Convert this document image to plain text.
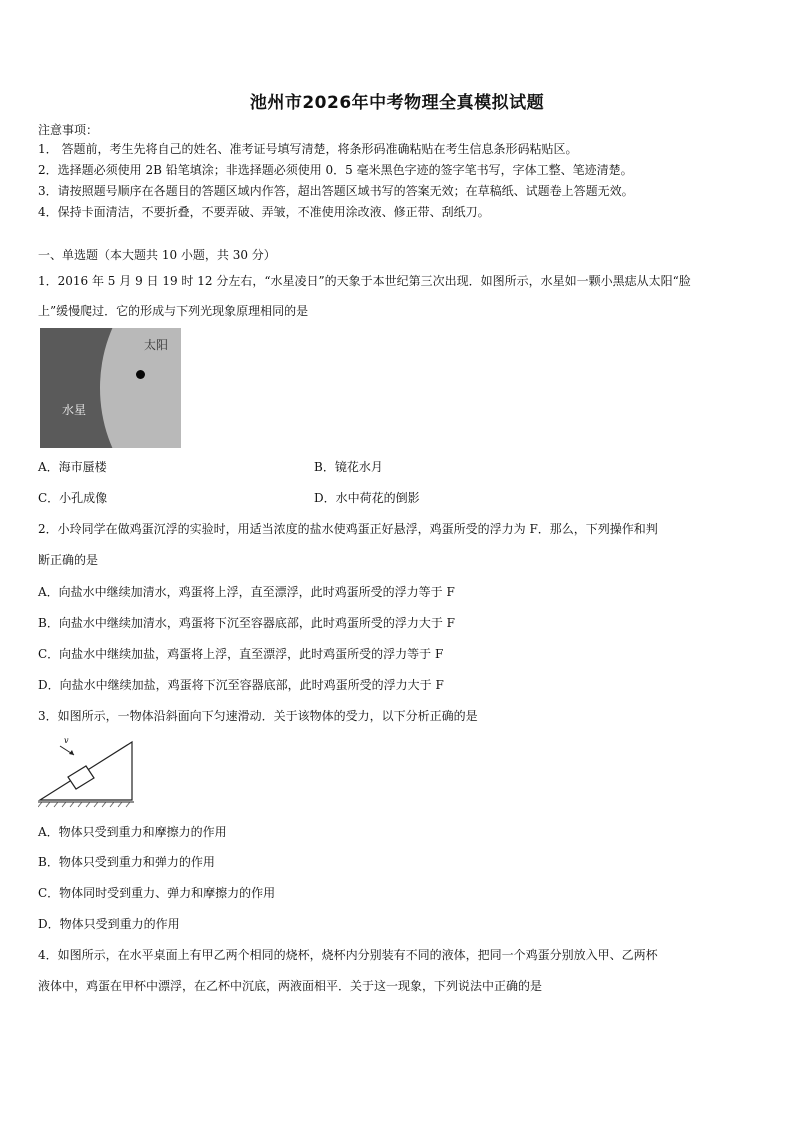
池州市2026年中考物理全真模拟试题
注意事项：
1． 答题前，考生先将自己的姓名、准考证号填写清楚，将条形码准确粘贴在考生信息条形码粘贴区。
2．选择题必须使用 2B 铅笔填涂；非选择题必须使用 0．5 毫米黑色字迹的签字笔书写，字体工整、笔迹清楚。
3．请按照题号顺序在各题目的答题区域内作答，超出答题区域书写的答案无效；在草稿纸、试题卷上答题无效。
4．保持卡面清洁，不要折叠，不要弄破、弄皱，不准使用涂改液、修正带、刮纸刀。
一、单选题（本大题共 10 小题，共 30 分）
1．2016 年 5 月 9 日 19 时 12 分左右，“水星凌日”的天象于本世纪第三次出现．如图所示，水星如一颗小黑痣从太阳“脸
上”缓慢爬过．它的形成与下列光现象原理相同的是
太阳
水星
A．海市蜃楼	B．镜花水月
C．小孔成像	D．水中荷花的倒影
2．小玲同学在做鸡蛋沉浮的实验时，用适当浓度的盐水使鸡蛋正好悬浮，鸡蛋所受的浮力为 F．那么，下列操作和判
断正确的是
A．向盐水中继续加清水，鸡蛋将上浮，直至漂浮，此时鸡蛋所受的浮力等于 F
B．向盐水中继续加清水，鸡蛋将下沉至容器底部，此时鸡蛋所受的浮力大于 F
C．向盐水中继续加盐，鸡蛋将上浮，直至漂浮，此时鸡蛋所受的浮力等于 F
D．向盐水中继续加盐，鸡蛋将下沉至容器底部，此时鸡蛋所受的浮力大于 F
3．如图所示，一物体沿斜面向下匀速滑动．关于该物体的受力，以下分析正确的是
v
A．物体只受到重力和摩擦力的作用
B．物体只受到重力和弹力的作用
C．物体同时受到重力、弹力和摩擦力的作用
D．物体只受到重力的作用
4．如图所示，在水平桌面上有甲乙两个相同的烧杯，烧杯内分别装有不同的液体，把同一个鸡蛋分别放入甲、乙两杯
液体中，鸡蛋在甲杯中漂浮，在乙杯中沉底，两液面相平．关于这一现象，下列说法中正确的是
